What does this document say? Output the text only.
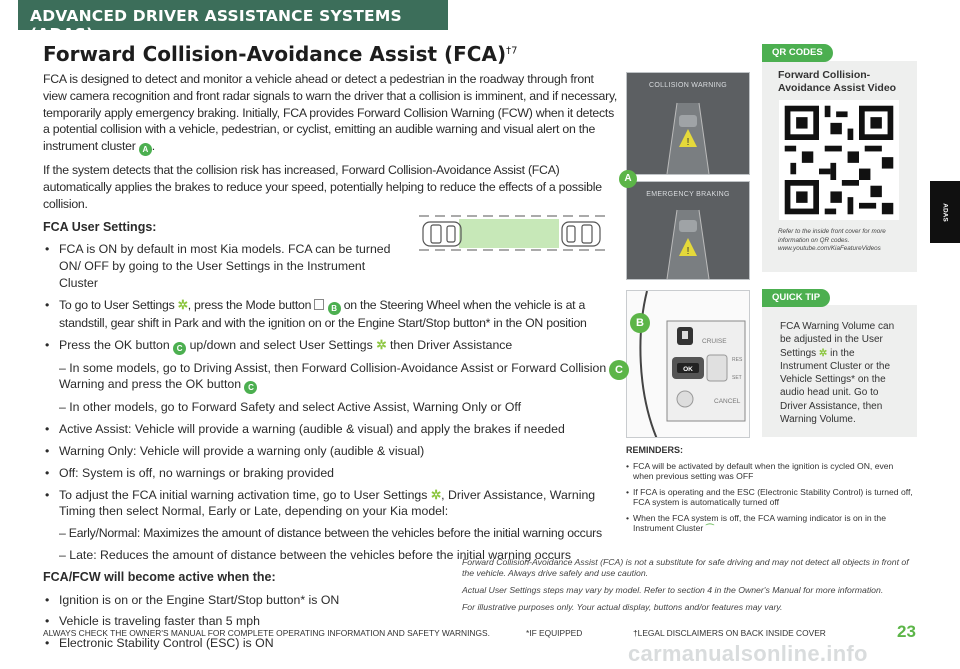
ADVANCED DRIVER ASSISTANCE SYSTEMS (ADAS)
ADAS
Forward Collision-Avoidance Assist (FCA)$^{\dagger 7}$

FCA is designed to detect and monitor a vehicle ahead or detect a pedestrian in the roadway through front view camera recognition and front radar signals to warn the driver that a collision is imminent, and if necessary, temporarily apply emergency braking. Initially, FCA provides Forward Collision Warning (FCW) when it detects a potential collision with a vehicle, pedestrian, or cyclist, emitting an audible warning and visual alert on the instrument cluster A .

If the system detects that the collision risk has increased, Forward Collision-Avoidance Assist (FCA) automatically applies the brakes to reduce your speed, potentially helping to reduce the effects of a possible collision.

FCA User Settings:
• FCA is ON by default in most Kia models. FCA can be turned ON/ OFF by going to the User Settings in the Instrument Cluster
• To go to User Settings ✲, press the Mode button	B on the Steering Wheel when the vehicle is at a standstill, gear shift in Park and with the ignition on or the Engine Start/Stop button* in the ON position
• Press the OK button C up/down and select User Settings ✲ then Driver Assistance
– In some models, go to Driving Assist, then Forward Collision-Avoidance Assist or Forward Collision Warning and press the OK button C
– In other models, go to Forward Safety and select Active Assist, Warning Only or Off
• Active Assist: Vehicle will provide a warning (audible & visual) and apply the brakes if needed
• Warning Only: Vehicle will provide a warning only (audible & visual)
• Off: System is off, no warnings or braking provided
• To adjust the FCA initial warning activation time, go to User Settings ✲, Driver Assistance, Warning Timing then select Normal, Early or Late, depending on your Kia model:
– Early/Normal: Maximizes the amount of distance between the vehicles before the initial warning occurs
– Late: Reduces the amount of distance between the vehicles before the initial warning occurs
FCA/FCW will become active when the:
• Ignition is on or the Engine Start/Stop button* is ON
• Vehicle is traveling faster than 5 mph
• Electronic Stability Control (ESC) is ON
COLLISION WARNING
!
EMERGENCY BRAKING
!
A
CRUISE
OK
RES
SET
CANCEL
B
C
QR CODES
Forward Collision-Avoidance Assist Video
Refer to the inside front cover for more information on QR codes. www.youtube.com/KiaFeatureVideos
QUICK TIP
FCA Warning Volume can be adjusted in the User Settings ✲ in the Instrument Cluster or the Vehicle Settings* on the audio head unit. Go to Driver Assistance, then Warning Volume.
REMINDERS:
• FCA will be activated by default when the ignition is cycled ON, even when previous setting was OFF
• If FCA is operating and the ESC (Electronic Stability Control) is turned off, FCA system is automatically turned off
• When the FCA system is off, the FCA warning indicator is on in the Instrument Cluster ⌒

Forward Collision-Avoidance Assist (FCA) is not a substitute for safe driving and may not detect all objects in front of the vehicle. Always drive safely and use caution.

Actual User Settings steps may vary by model. Refer to section 4 in the Owner's Manual for more information.

For illustrative purposes only. Your actual display, buttons and/or features may vary.

ALWAYS CHECK THE OWNER'S MANUAL FOR COMPLETE OPERATING INFORMATION AND SAFETY WARNINGS.	*IF EQUIPPED	†LEGAL DISCLAIMERS ON BACK INSIDE COVER	23
carmanualsonline.info
